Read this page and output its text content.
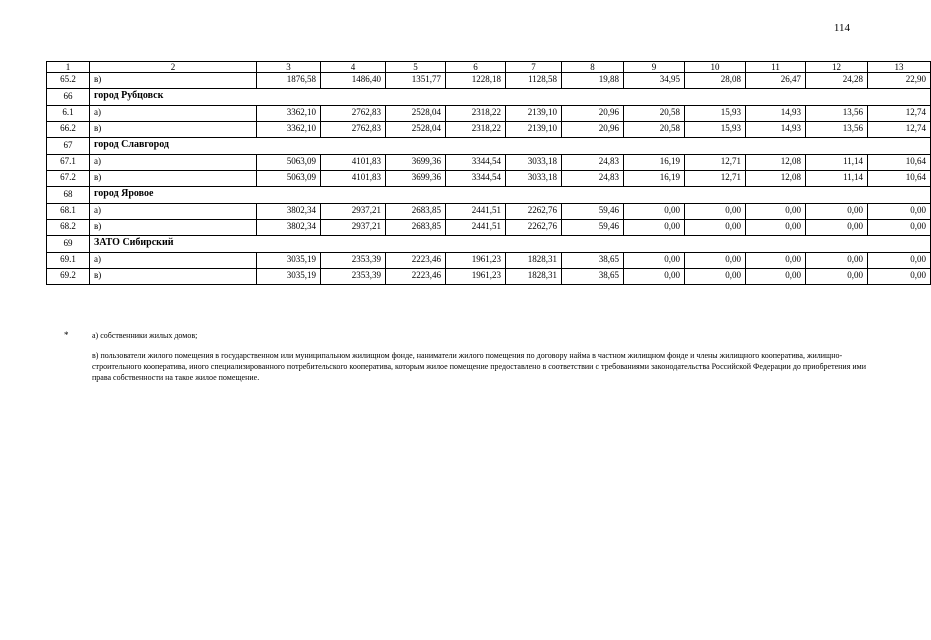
114
1	2	3	4	5	6	7	8	9	10	11	12	13
65.2	в)	1876,58	1486,40	1351,77	1228,18	1128,58	19,88	34,95	28,08	26,47	24,28	22,90
66	город Рубцовск											
6.1	а)	3362,10	2762,83	2528,04	2318,22	2139,10	20,96	20,58	15,93	14,93	13,56	12,74
66.2	в)	3362,10	2762,83	2528,04	2318,22	2139,10	20,96	20,58	15,93	14,93	13,56	12,74
67	город Славгород											
67.1	а)	5063,09	4101,83	3699,36	3344,54	3033,18	24,83	16,19	12,71	12,08	11,14	10,64
67.2	в)	5063,09	4101,83	3699,36	3344,54	3033,18	24,83	16,19	12,71	12,08	11,14	10,64
68	город Яровое											
68.1	а)	3802,34	2937,21	2683,85	2441,51	2262,76	59,46	0,00	0,00	0,00	0,00	0,00
68.2	в)	3802,34	2937,21	2683,85	2441,51	2262,76	59,46	0,00	0,00	0,00	0,00	0,00
69	ЗАТО Сибирский											
69.1	а)	3035,19	2353,39	2223,46	1961,23	1828,31	38,65	0,00	0,00	0,00	0,00	0,00
69.2	в)	3035,19	2353,39	2223,46	1961,23	1828,31	38,65	0,00	0,00	0,00	0,00	0,00
*	а) собственники жилых домов;
в) пользователи жилого помещения в государственном или муниципальном жилищном фонде, наниматели жилого помещения по договору найма в частном жилищном фонде и члены жилищного кооператива, жилищно-строительного кооператива, иного специализированного потребительского кооператива, которым жилое помещение предоставлено в соответствии с требованиями законодательства Российской Федерации до приобретения ими права собственности на такое жилое помещение.
